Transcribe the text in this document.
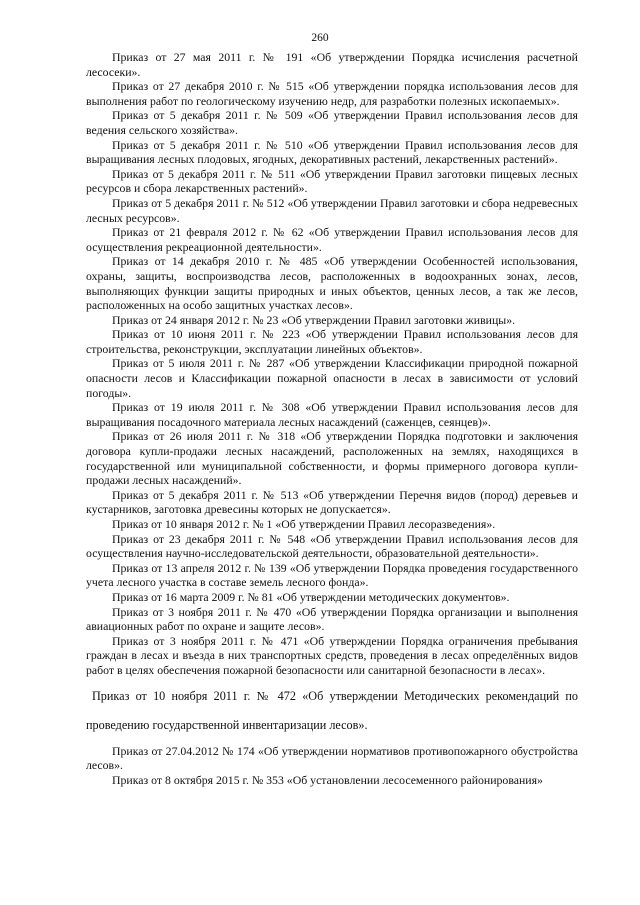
260

Приказ от 27 мая 2011 г. № 191 «Об утверждении Порядка исчисления расчетной лесосеки».

Приказ от 27 декабря 2010 г. № 515 «Об утверждении порядка использования лесов для выполнения работ по геологическому изучению недр, для разработки полезных ископаемых».

Приказ от 5 декабря 2011 г. № 509 «Об утверждении Правил использования лесов для ведения сельского хозяйства».

Приказ от 5 декабря 2011 г. № 510 «Об утверждении Правил использования лесов для выращивания лесных плодовых, ягодных, декоративных растений, лекарственных растений».

Приказ от 5 декабря 2011 г. № 511 «Об утверждении Правил заготовки пищевых лесных ресурсов и сбора лекарственных растений».

Приказ от 5 декабря 2011 г. № 512 «Об утверждении Правил заготовки и сбора недревесных лесных ресурсов».

Приказ от 21 февраля 2012 г. № 62 «Об утверждении Правил использования лесов для осуществления рекреационной деятельности».

Приказ от 14 декабря 2010 г. № 485 «Об утверждении Особенностей использования, охраны, защиты, воспроизводства лесов, расположенных в водоохранных зонах, лесов, выполняющих функции защиты природных и иных объектов, ценных лесов, а так же лесов, расположенных на особо защитных участках лесов».

Приказ от 24 января 2012 г. № 23 «Об утверждении Правил заготовки живицы».

Приказ от 10 июня 2011 г. № 223 «Об утверждении Правил использования лесов для строительства, реконструкции, эксплуатации линейных объектов».

Приказ от 5 июля 2011 г. № 287 «Об утверждении Классификации природной пожарной опасности лесов и Классификации пожарной опасности в лесах в зависимости от условий погоды».

Приказ от 19 июля 2011 г. № 308 «Об утверждении Правил использования лесов для выращивания посадочного материала лесных насаждений (саженцев, сеянцев)».

Приказ от 26 июля 2011 г. № 318 «Об утверждении Порядка подготовки и заключения договора купли-продажи лесных насаждений, расположенных на землях, находящихся в государственной или муниципальной собственности, и формы примерного договора купли-продажи лесных насаждений».

Приказ от 5 декабря 2011 г. № 513 «Об утверждении Перечня видов (пород) деревьев и кустарников, заготовка древесины которых не допускается».

Приказ от 10 января 2012 г. № 1 «Об утверждении Правил лесоразведения».

Приказ от 23 декабря 2011 г. № 548 «Об утверждении Правил использования лесов для осуществления научно-исследовательской деятельности, образовательной деятельности».

Приказ от 13 апреля 2012 г. № 139 «Об утверждении Порядка проведения государственного учета лесного участка в составе земель лесного фонда».

Приказ от 16 марта 2009 г. № 81 «Об утверждении методических документов».

Приказ от 3 ноября 2011 г. № 470 «Об утверждении Порядка организации и выполнения авиационных работ по охране и защите лесов».

Приказ от 3 ноября 2011 г. № 471 «Об утверждении Порядка ограничения пребывания граждан в лесах и въезда в них транспортных средств, проведения в лесах определённых видов работ в целях обеспечения пожарной безопасности или санитарной безопасности в лесах».

Приказ от 10 ноября 2011 г. № 472 «Об утверждении Методических рекомендаций по проведению государственной инвентаризации лесов».

Приказ от 27.04.2012 № 174 «Об утверждении нормативов противопожарного обустройства лесов».

Приказ от 8 октября 2015 г. № 353 «Об установлении лесосеменного районирования»
